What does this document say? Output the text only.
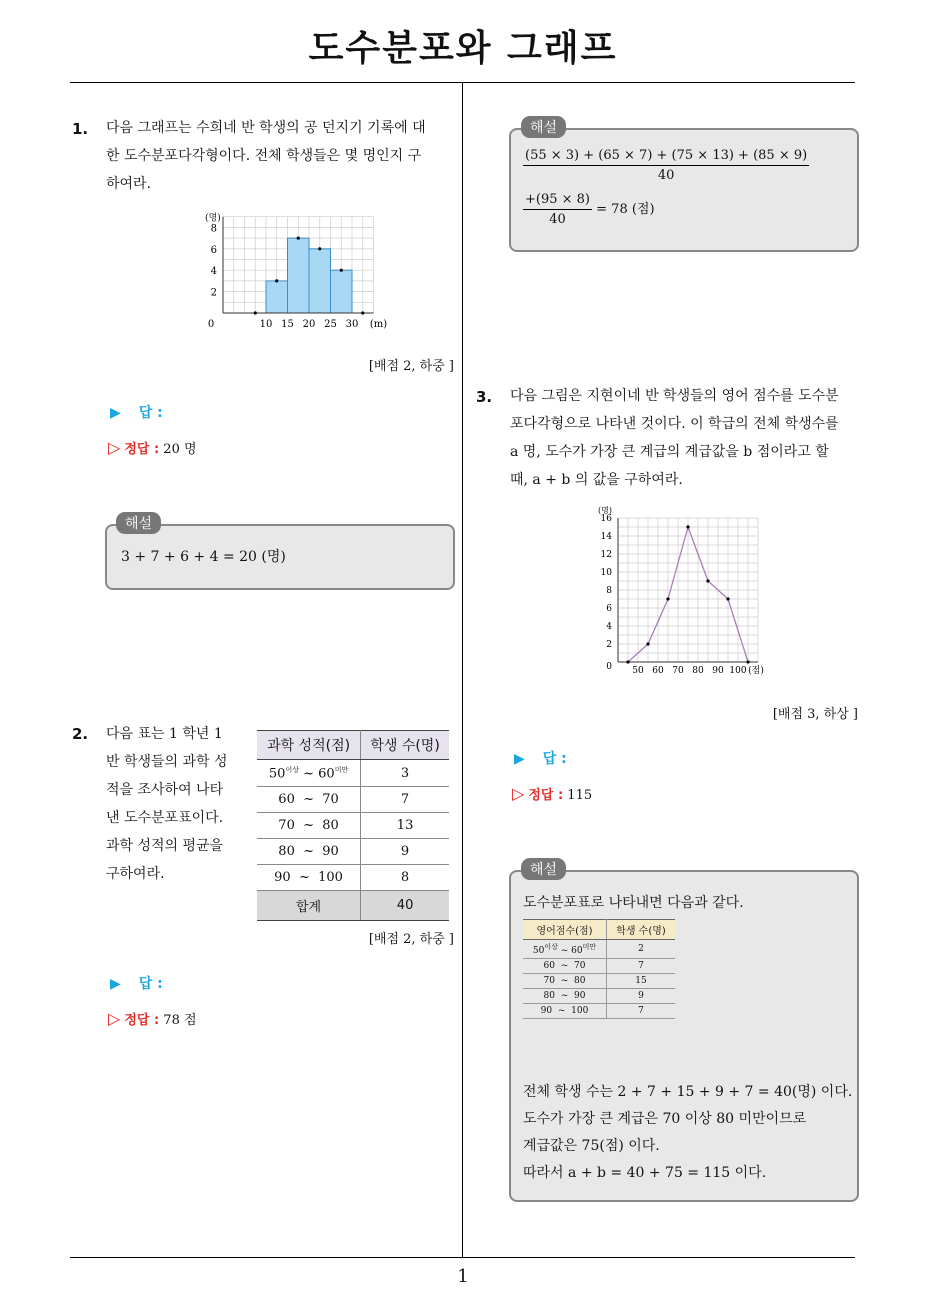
도수분포와 그래프
1. 다음 그래프는 수희네 반 학생의 공 던지기 기록에 대
한 도수분포다각형이다. 전체 학생들은 몇 명인지 구
하여라.
0	10 15 20 25 30 (m)
2
4
6
8
(명)
[배점 2, 하중 ]
▶ 답 :
▷ 정답 : 20 명
3 + 7 + 6 + 4 = 20 (명)
해설
2. 다음 표는 1 학년 1
반 학생들의 과학 성
적을 조사하여 나타
낸 도수분포표이다.
과학 성적의 평균을
구하여라.
과학 성적(점)	학생 수(명)
$50^{이상}$ ~ $60^{미만}$	3
60 ~ 70	7
70 ~ 80	13
80 ~ 90	9
90 ~ 100	8
합계	40
[배점 2, 하중 ]
▶ 답 :
▷ 정답 : 78 점
$\frac{(55 \times 3) + (65 \times 7) + (75 \times 13) + (85 \times 9)}{40}$
$\frac{+(95 \times 8)}{40} = 78$ (점)
해설
3. 다음 그림은 지현이네 반 학생들의 영어 점수를 도수분
포다각형으로 나타낸 것이다. 이 학급의 전체 학생수를
a 명, 도수가 가장 큰 계급의 계급값을 b 점이라고 할
때, a + b 의 값을 구하여라.
50 60 70 80 90 100 (점)
0
2
4
6
8
10
12
14
16
(명)
[배점 3, 하상 ]
▶ 답 :
▷ 정답 : 115
도수분포표로 나타내면 다음과 같다.
영어점수(점)	학생 수(명)
$50^{이상}$ ~ $60^{미만}$	2
60 ~ 70	7
70 ~ 80	15
80 ~ 90	9
90 ~ 100	7
전체 학생 수는 2 + 7 + 15 + 9 + 7 = 40(명) 이다.
도수가 가장 큰 계급은 70 이상 80 미만이므로
계급값은 75(점) 이다.
따라서 a + b = 40 + 75 = 115 이다.
해설
1
